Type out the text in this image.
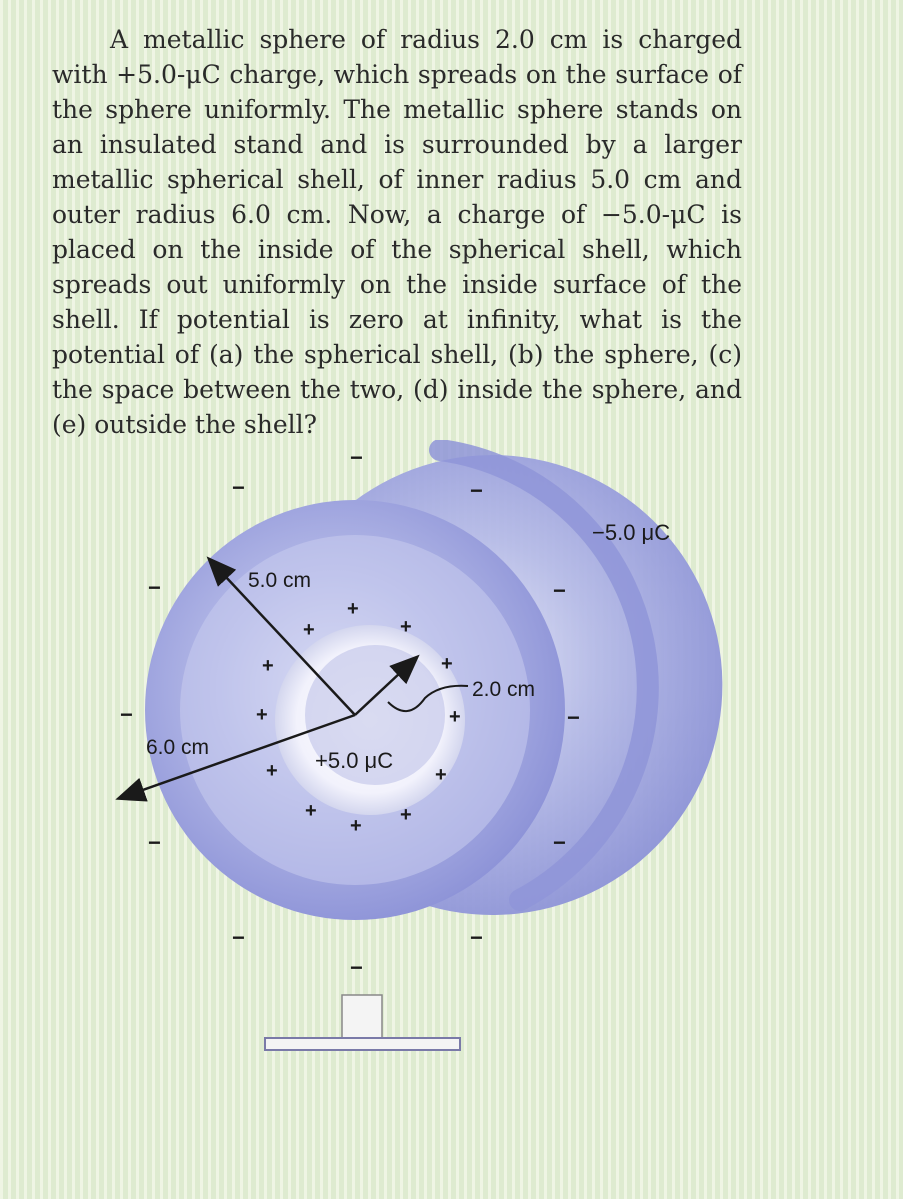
A metallic sphere of radius 2.0 cm is charged with +5.0-μC charge, which spreads on the surface of the sphere uniformly. The metallic sphere stands on an insulated stand and is surrounded by a larger metallic spherical shell, of inner radius 5.0 cm and outer radius 6.0 cm. Now, a charge of −5.0-μC is placed on the inside of the spherical shell, which spreads out uniformly on the inside surface of the shell. If potential is zero at infinity, what is the potential of (a) the spherical shell, (b) the sphere, (c) the space between the two, (d) inside the sphere, and (e) outside the shell?

+
+	+
+	+
+	+
+	+
+
+ +
−
−	−
−	−
−	−
−	−
−	−
−
5.0 cm
2.0 cm
6.0 cm
+5.0 μC
−5.0 μC
